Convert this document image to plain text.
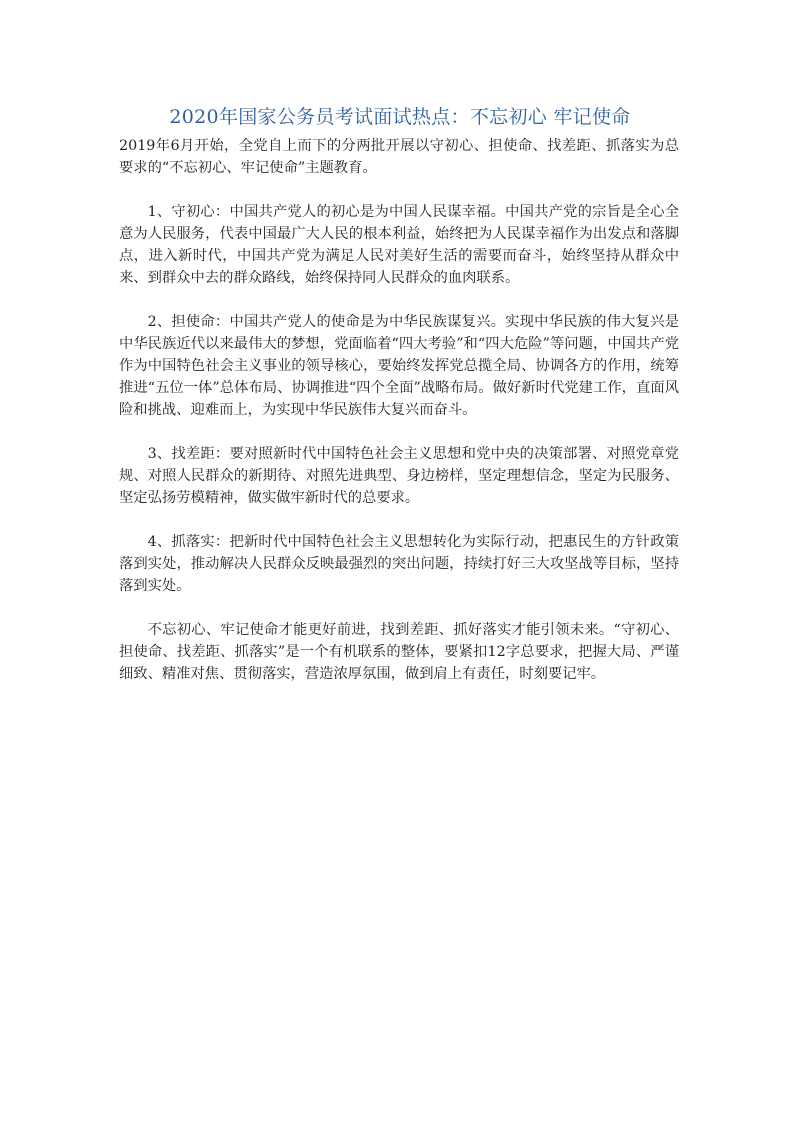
2020年国家公务员考试面试热点：不忘初心 牢记使命

2019年6月开始，全党自上而下的分两批开展以守初心、担使命、找差距、抓落实为总要求的“不忘初心、牢记使命”主题教育。

1、守初心：中国共产党人的初心是为中国人民谋幸福。中国共产党的宗旨是全心全意为人民服务，代表中国最广大人民的根本利益，始终把为人民谋幸福作为出发点和落脚点，进入新时代，中国共产党为满足人民对美好生活的需要而奋斗，始终坚持从群众中来、到群众中去的群众路线，始终保持同人民群众的血肉联系。

2、担使命：中国共产党人的使命是为中华民族谋复兴。实现中华民族的伟大复兴是中华民族近代以来最伟大的梦想，党面临着“四大考验”和“四大危险”等问题，中国共产党作为中国特色社会主义事业的领导核心，要始终发挥党总揽全局、协调各方的作用，统筹推进“五位一体”总体布局、协调推进“四个全面”战略布局。做好新时代党建工作，直面风险和挑战、迎难而上，为实现中华民族伟大复兴而奋斗。

3、找差距：要对照新时代中国特色社会主义思想和党中央的决策部署、对照党章党规、对照人民群众的新期待、对照先进典型、身边榜样，坚定理想信念，坚定为民服务、坚定弘扬劳模精神，做实做牢新时代的总要求。

4、抓落实：把新时代中国特色社会主义思想转化为实际行动，把惠民生的方针政策落到实处，推动解决人民群众反映最强烈的突出问题，持续打好三大攻坚战等目标，坚持落到实处。

不忘初心、牢记使命才能更好前进，找到差距、抓好落实才能引领未来。“守初心、担使命、找差距、抓落实”是一个有机联系的整体，要紧扣12字总要求，把握大局、严谨细致、精准对焦、贯彻落实，营造浓厚氛围，做到肩上有责任，时刻要记牢。
